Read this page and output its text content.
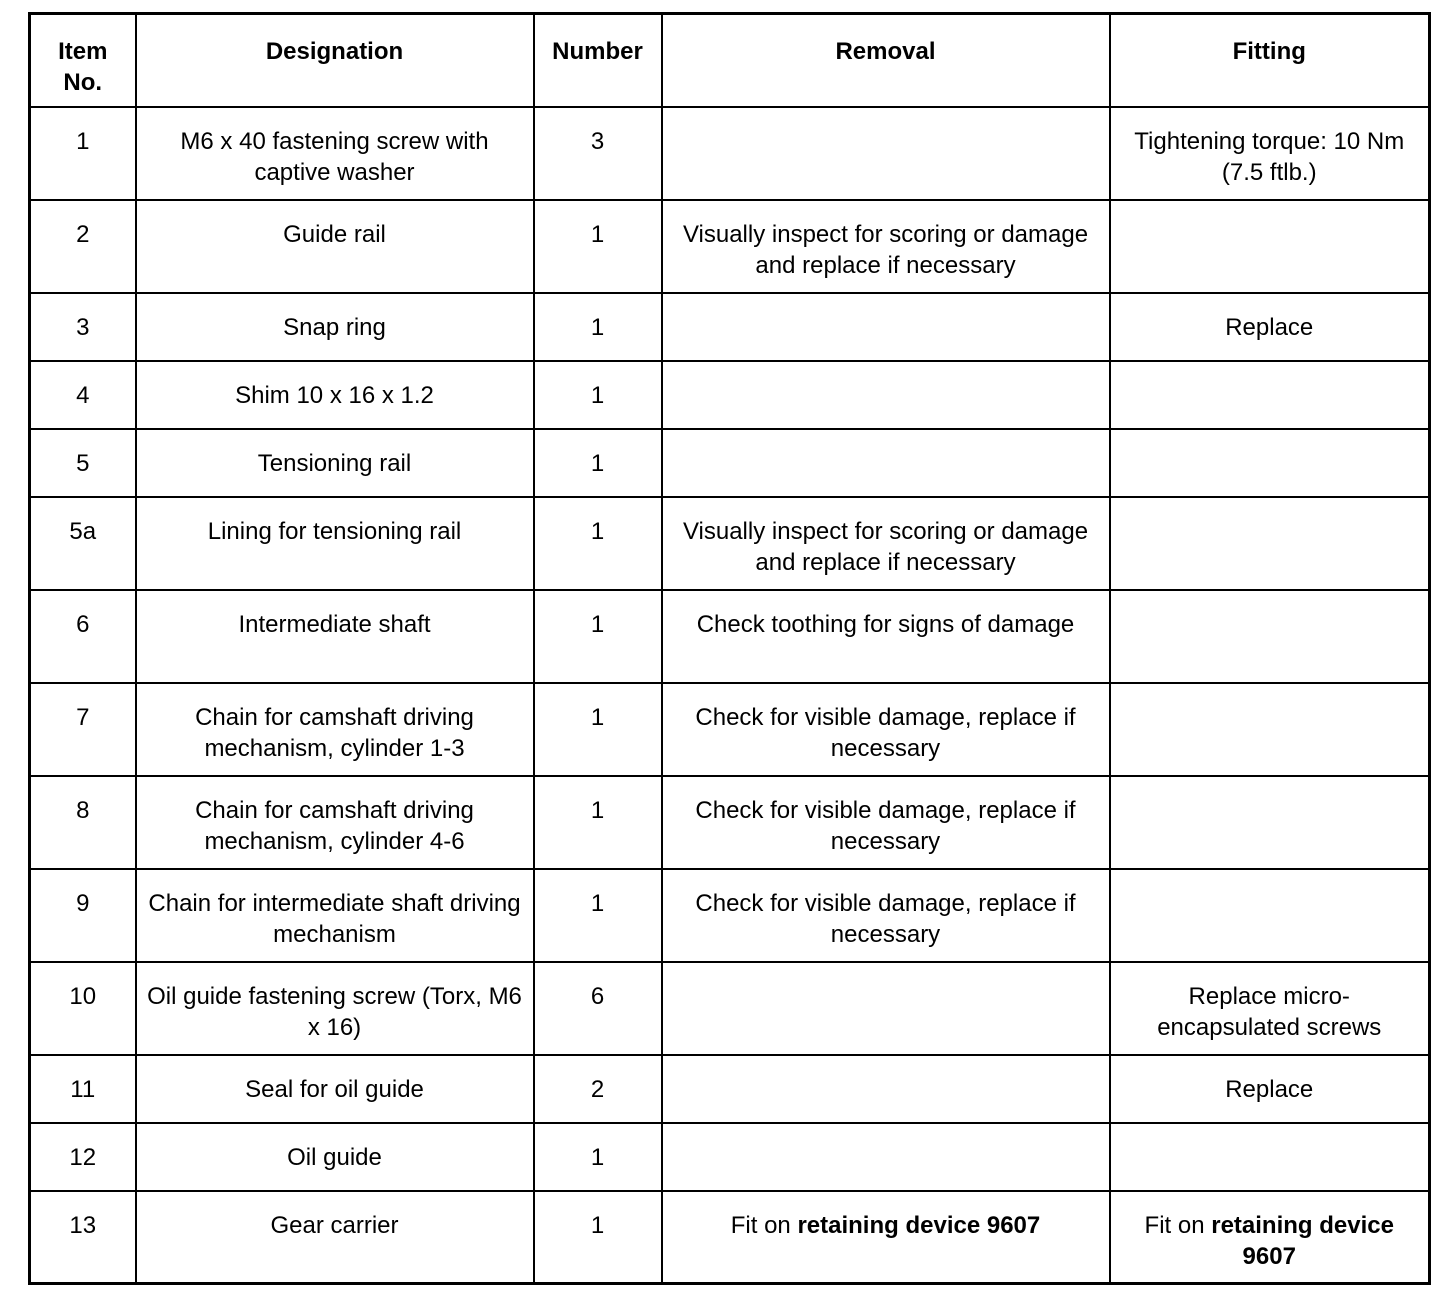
Item No.	Designation	Number	Removal	Fitting
1	M6 x 40 fastening screw with captive washer	3		Tightening torque: 10 Nm (7.5 ftlb.)
2	Guide rail	1	Visually inspect for scoring or damage and replace if necessary	
3	Snap ring	1		Replace
4	Shim 10 x 16 x 1.2	1		
5	Tensioning rail	1		
5a	Lining for tensioning rail	1	Visually inspect for scoring or damage and replace if necessary	
6	Intermediate shaft	1	Check toothing for signs of damage	
7	Chain for camshaft driving mechanism, cylinder 1-3	1	Check for visible damage, replace if necessary	
8	Chain for camshaft driving mechanism, cylinder 4-6	1	Check for visible damage, replace if necessary	
9	Chain for intermediate shaft driving mechanism	1	Check for visible damage, replace if necessary	
10	Oil guide fastening screw (Torx, M6 x 16)	6		Replace micro-encapsulated screws
11	Seal for oil guide	2		Replace
12	Oil guide	1		
13	Gear carrier	1	Fit on retaining device 9607	Fit on retaining device 9607
